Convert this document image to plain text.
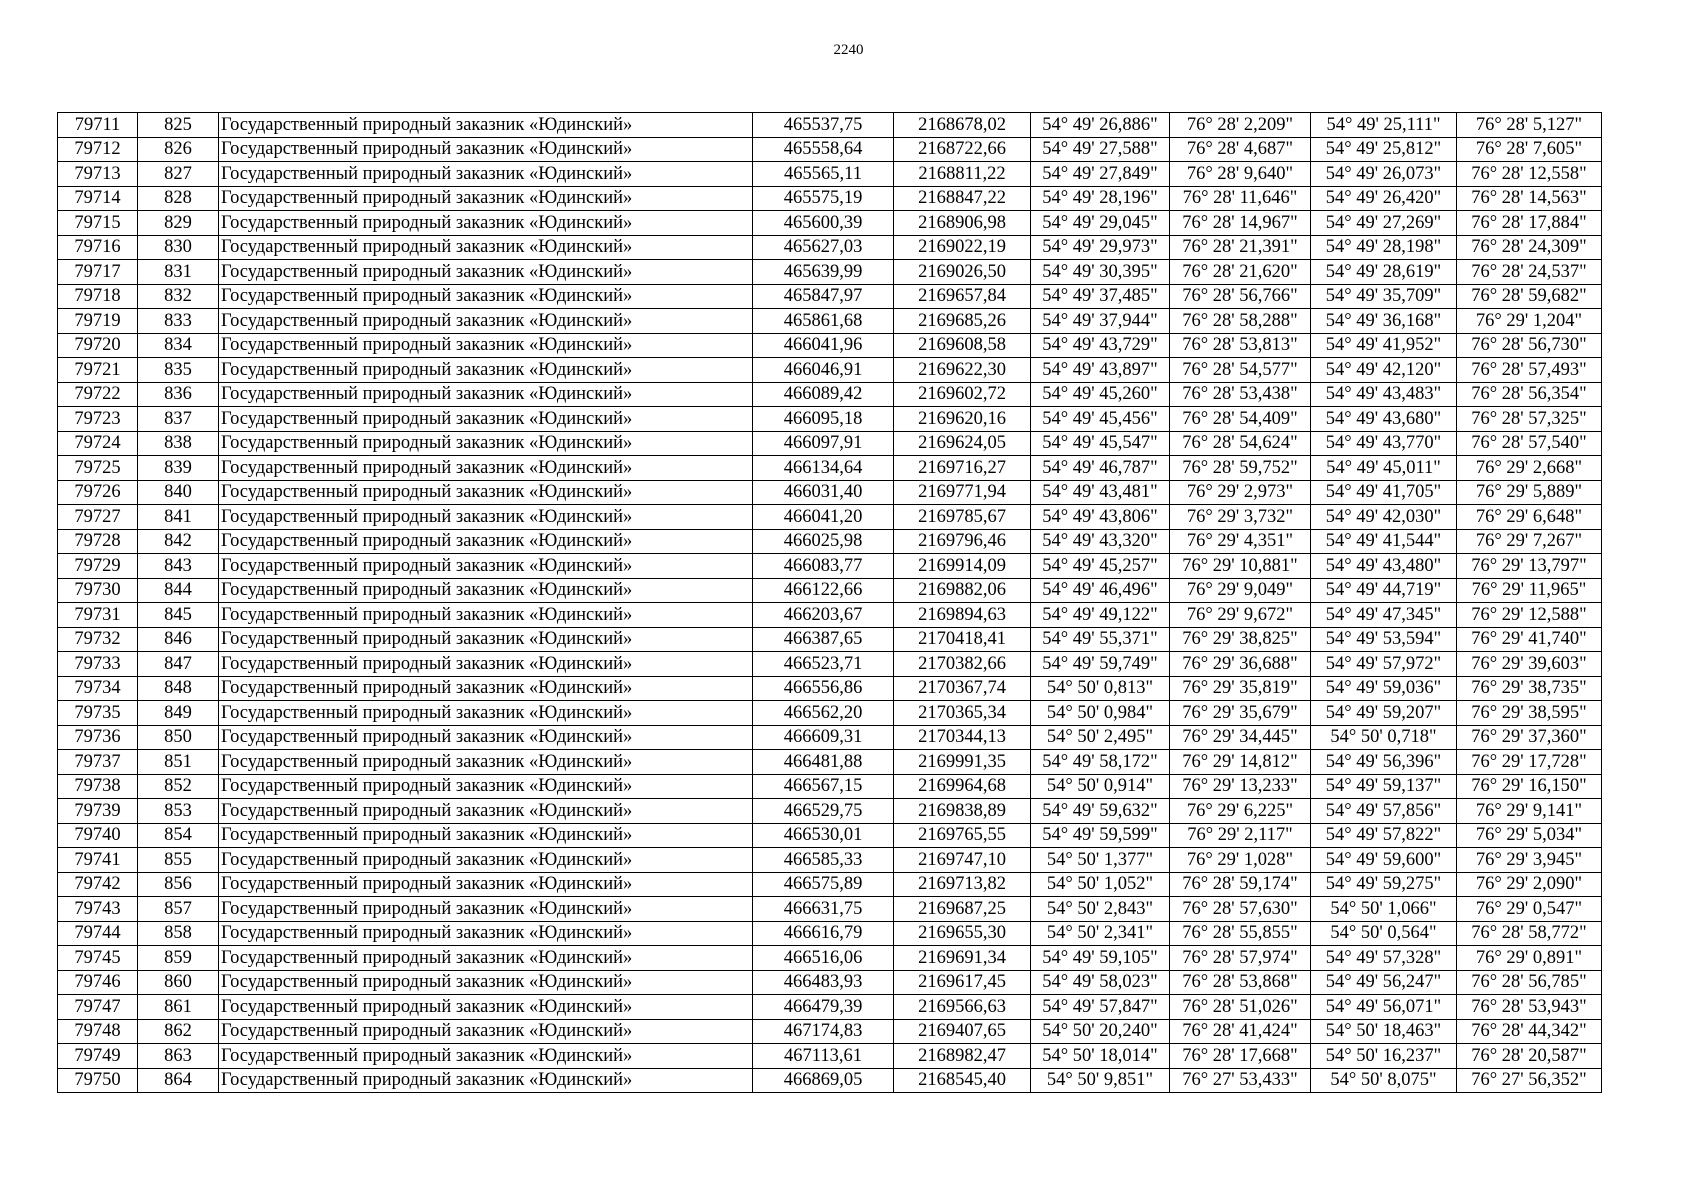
2240
79711	825	Государственный природный заказник «Юдинский»	465537,75	2168678,02	54° 49' 26,886"	76° 28' 2,209"	54° 49' 25,111"	76° 28' 5,127"
79712	826	Государственный природный заказник «Юдинский»	465558,64	2168722,66	54° 49' 27,588"	76° 28' 4,687"	54° 49' 25,812"	76° 28' 7,605"
79713	827	Государственный природный заказник «Юдинский»	465565,11	2168811,22	54° 49' 27,849"	76° 28' 9,640"	54° 49' 26,073"	76° 28' 12,558"
79714	828	Государственный природный заказник «Юдинский»	465575,19	2168847,22	54° 49' 28,196"	76° 28' 11,646"	54° 49' 26,420"	76° 28' 14,563"
79715	829	Государственный природный заказник «Юдинский»	465600,39	2168906,98	54° 49' 29,045"	76° 28' 14,967"	54° 49' 27,269"	76° 28' 17,884"
79716	830	Государственный природный заказник «Юдинский»	465627,03	2169022,19	54° 49' 29,973"	76° 28' 21,391"	54° 49' 28,198"	76° 28' 24,309"
79717	831	Государственный природный заказник «Юдинский»	465639,99	2169026,50	54° 49' 30,395"	76° 28' 21,620"	54° 49' 28,619"	76° 28' 24,537"
79718	832	Государственный природный заказник «Юдинский»	465847,97	2169657,84	54° 49' 37,485"	76° 28' 56,766"	54° 49' 35,709"	76° 28' 59,682"
79719	833	Государственный природный заказник «Юдинский»	465861,68	2169685,26	54° 49' 37,944"	76° 28' 58,288"	54° 49' 36,168"	76° 29' 1,204"
79720	834	Государственный природный заказник «Юдинский»	466041,96	2169608,58	54° 49' 43,729"	76° 28' 53,813"	54° 49' 41,952"	76° 28' 56,730"
79721	835	Государственный природный заказник «Юдинский»	466046,91	2169622,30	54° 49' 43,897"	76° 28' 54,577"	54° 49' 42,120"	76° 28' 57,493"
79722	836	Государственный природный заказник «Юдинский»	466089,42	2169602,72	54° 49' 45,260"	76° 28' 53,438"	54° 49' 43,483"	76° 28' 56,354"
79723	837	Государственный природный заказник «Юдинский»	466095,18	2169620,16	54° 49' 45,456"	76° 28' 54,409"	54° 49' 43,680"	76° 28' 57,325"
79724	838	Государственный природный заказник «Юдинский»	466097,91	2169624,05	54° 49' 45,547"	76° 28' 54,624"	54° 49' 43,770"	76° 28' 57,540"
79725	839	Государственный природный заказник «Юдинский»	466134,64	2169716,27	54° 49' 46,787"	76° 28' 59,752"	54° 49' 45,011"	76° 29' 2,668"
79726	840	Государственный природный заказник «Юдинский»	466031,40	2169771,94	54° 49' 43,481"	76° 29' 2,973"	54° 49' 41,705"	76° 29' 5,889"
79727	841	Государственный природный заказник «Юдинский»	466041,20	2169785,67	54° 49' 43,806"	76° 29' 3,732"	54° 49' 42,030"	76° 29' 6,648"
79728	842	Государственный природный заказник «Юдинский»	466025,98	2169796,46	54° 49' 43,320"	76° 29' 4,351"	54° 49' 41,544"	76° 29' 7,267"
79729	843	Государственный природный заказник «Юдинский»	466083,77	2169914,09	54° 49' 45,257"	76° 29' 10,881"	54° 49' 43,480"	76° 29' 13,797"
79730	844	Государственный природный заказник «Юдинский»	466122,66	2169882,06	54° 49' 46,496"	76° 29' 9,049"	54° 49' 44,719"	76° 29' 11,965"
79731	845	Государственный природный заказник «Юдинский»	466203,67	2169894,63	54° 49' 49,122"	76° 29' 9,672"	54° 49' 47,345"	76° 29' 12,588"
79732	846	Государственный природный заказник «Юдинский»	466387,65	2170418,41	54° 49' 55,371"	76° 29' 38,825"	54° 49' 53,594"	76° 29' 41,740"
79733	847	Государственный природный заказник «Юдинский»	466523,71	2170382,66	54° 49' 59,749"	76° 29' 36,688"	54° 49' 57,972"	76° 29' 39,603"
79734	848	Государственный природный заказник «Юдинский»	466556,86	2170367,74	54° 50' 0,813"	76° 29' 35,819"	54° 49' 59,036"	76° 29' 38,735"
79735	849	Государственный природный заказник «Юдинский»	466562,20	2170365,34	54° 50' 0,984"	76° 29' 35,679"	54° 49' 59,207"	76° 29' 38,595"
79736	850	Государственный природный заказник «Юдинский»	466609,31	2170344,13	54° 50' 2,495"	76° 29' 34,445"	54° 50' 0,718"	76° 29' 37,360"
79737	851	Государственный природный заказник «Юдинский»	466481,88	2169991,35	54° 49' 58,172"	76° 29' 14,812"	54° 49' 56,396"	76° 29' 17,728"
79738	852	Государственный природный заказник «Юдинский»	466567,15	2169964,68	54° 50' 0,914"	76° 29' 13,233"	54° 49' 59,137"	76° 29' 16,150"
79739	853	Государственный природный заказник «Юдинский»	466529,75	2169838,89	54° 49' 59,632"	76° 29' 6,225"	54° 49' 57,856"	76° 29' 9,141"
79740	854	Государственный природный заказник «Юдинский»	466530,01	2169765,55	54° 49' 59,599"	76° 29' 2,117"	54° 49' 57,822"	76° 29' 5,034"
79741	855	Государственный природный заказник «Юдинский»	466585,33	2169747,10	54° 50' 1,377"	76° 29' 1,028"	54° 49' 59,600"	76° 29' 3,945"
79742	856	Государственный природный заказник «Юдинский»	466575,89	2169713,82	54° 50' 1,052"	76° 28' 59,174"	54° 49' 59,275"	76° 29' 2,090"
79743	857	Государственный природный заказник «Юдинский»	466631,75	2169687,25	54° 50' 2,843"	76° 28' 57,630"	54° 50' 1,066"	76° 29' 0,547"
79744	858	Государственный природный заказник «Юдинский»	466616,79	2169655,30	54° 50' 2,341"	76° 28' 55,855"	54° 50' 0,564"	76° 28' 58,772"
79745	859	Государственный природный заказник «Юдинский»	466516,06	2169691,34	54° 49' 59,105"	76° 28' 57,974"	54° 49' 57,328"	76° 29' 0,891"
79746	860	Государственный природный заказник «Юдинский»	466483,93	2169617,45	54° 49' 58,023"	76° 28' 53,868"	54° 49' 56,247"	76° 28' 56,785"
79747	861	Государственный природный заказник «Юдинский»	466479,39	2169566,63	54° 49' 57,847"	76° 28' 51,026"	54° 49' 56,071"	76° 28' 53,943"
79748	862	Государственный природный заказник «Юдинский»	467174,83	2169407,65	54° 50' 20,240"	76° 28' 41,424"	54° 50' 18,463"	76° 28' 44,342"
79749	863	Государственный природный заказник «Юдинский»	467113,61	2168982,47	54° 50' 18,014"	76° 28' 17,668"	54° 50' 16,237"	76° 28' 20,587"
79750	864	Государственный природный заказник «Юдинский»	466869,05	2168545,40	54° 50' 9,851"	76° 27' 53,433"	54° 50' 8,075"	76° 27' 56,352"
